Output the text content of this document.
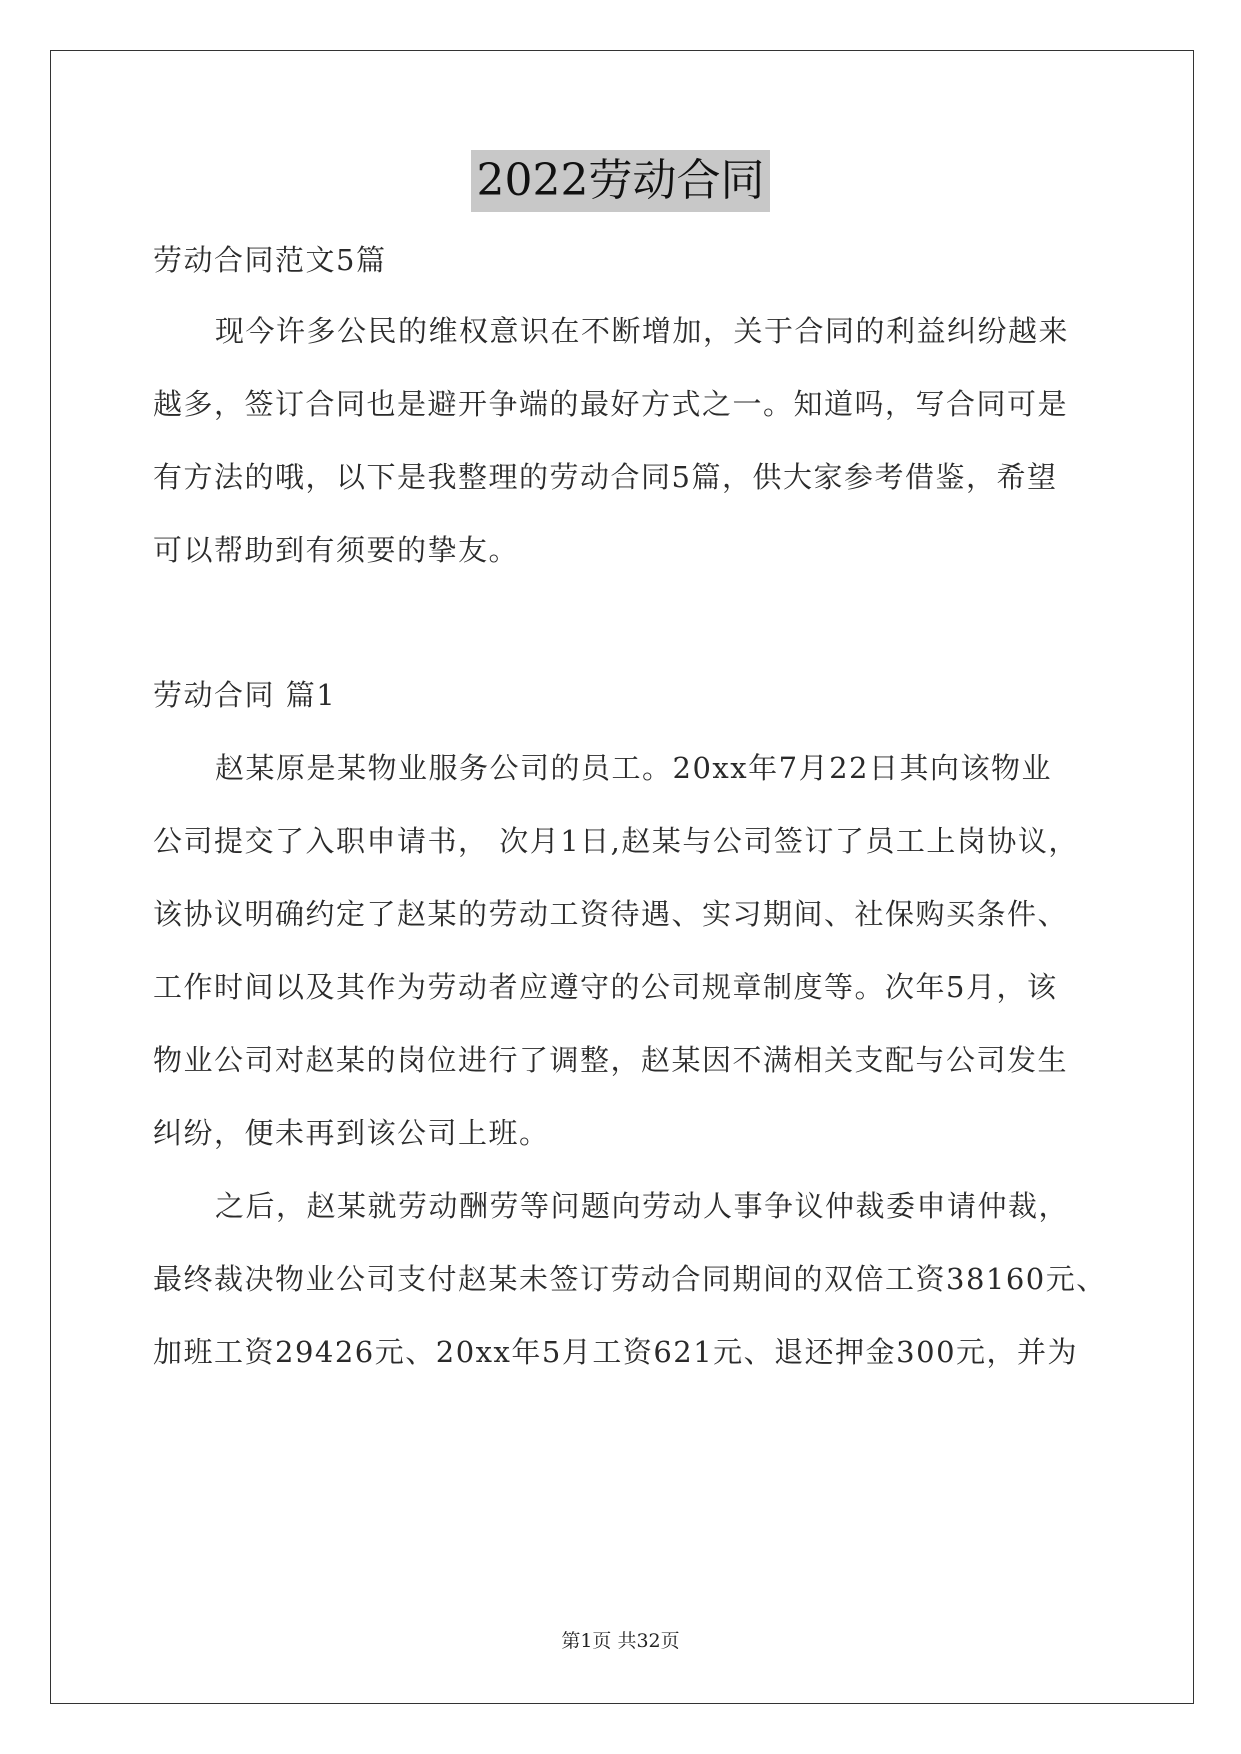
2022劳动合同
劳动合同范文5篇
现今许多公民的维权意识在不断增加，关于合同的利益纠纷越来
越多，签订合同也是避开争端的最好方式之一。知道吗，写合同可是
有方法的哦，以下是我整理的劳动合同5篇，供大家参考借鉴，希望
可以帮助到有须要的挚友。
劳动合同 篇1
赵某原是某物业服务公司的员工。20xx年7月22日其向该物业
公司提交了入职申请书， 次月1日,赵某与公司签订了员工上岗协议，
该协议明确约定了赵某的劳动工资待遇、实习期间、社保购买条件、
工作时间以及其作为劳动者应遵守的公司规章制度等。次年5月，该
物业公司对赵某的岗位进行了调整，赵某因不满相关支配与公司发生
纠纷，便未再到该公司上班。
之后，赵某就劳动酬劳等问题向劳动人事争议仲裁委申请仲裁，
最终裁决物业公司支付赵某未签订劳动合同期间的双倍工资38160元、
加班工资29426元、20xx年5月工资621元、退还押金300元，并为
第1页 共32页
